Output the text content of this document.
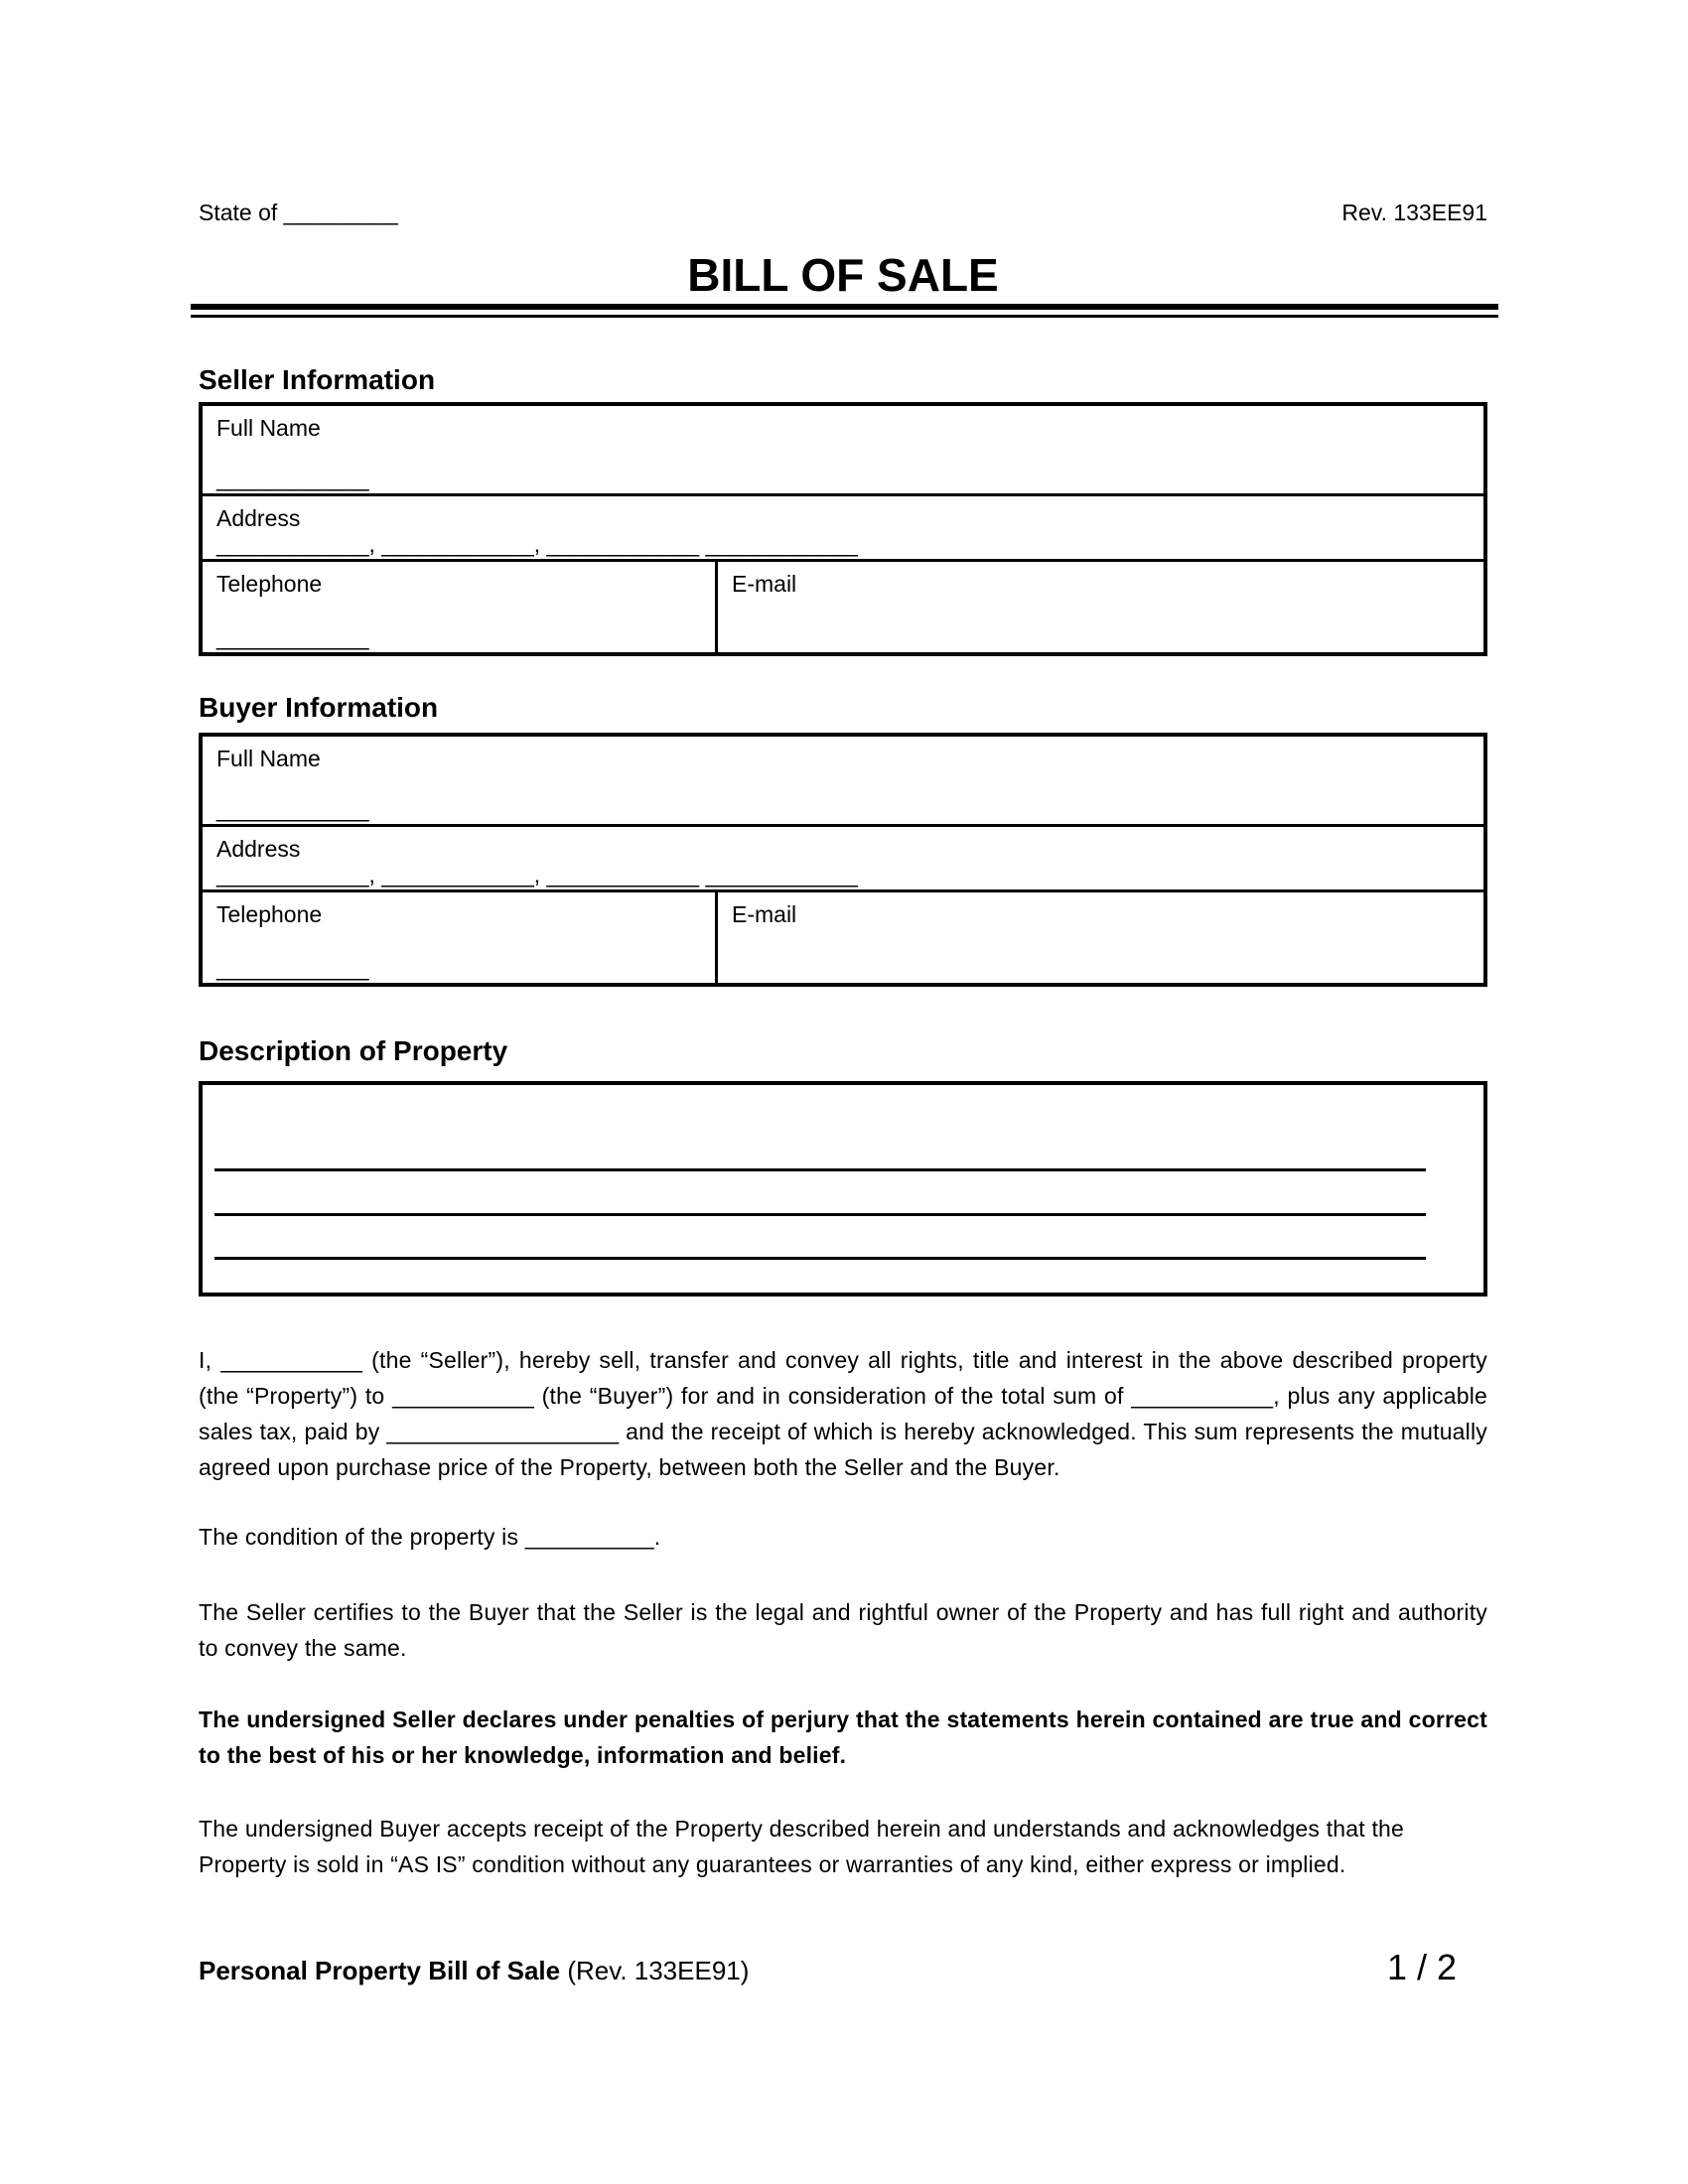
State of _________	Rev. 133EE91
BILL OF SALE
Seller Information
Full Name
____________
Address
____________, ____________, ____________ ____________
Telephone
____________
E-mail
Buyer Information
Full Name
____________
Address
____________, ____________, ____________ ____________
Telephone
____________
E-mail
Description of Property

I, ___________ (the “Seller”), hereby sell, transfer and convey all rights, title and interest in the above described property (the “Property”) to ___________ (the “Buyer”) for and in consideration of the total sum of ___________, plus any applicable sales tax, paid by __________________ and the receipt of which is hereby acknowledged. This sum represents the mutually agreed upon purchase price of the Property, between both the Seller and the Buyer.

The condition of the property is __________.

The Seller certifies to the Buyer that the Seller is the legal and rightful owner of the Property and has full right and authority to convey the same.

The undersigned Seller declares under penalties of perjury that the statements herein contained are true and correct to the best of his or her knowledge, information and belief.

The undersigned Buyer accepts receipt of the Property described herein and understands and acknowledges that the Property is sold in “AS IS” condition without any guarantees or warranties of any kind, either express or implied.

Personal Property Bill of Sale (Rev. 133EE91)	1 / 2
